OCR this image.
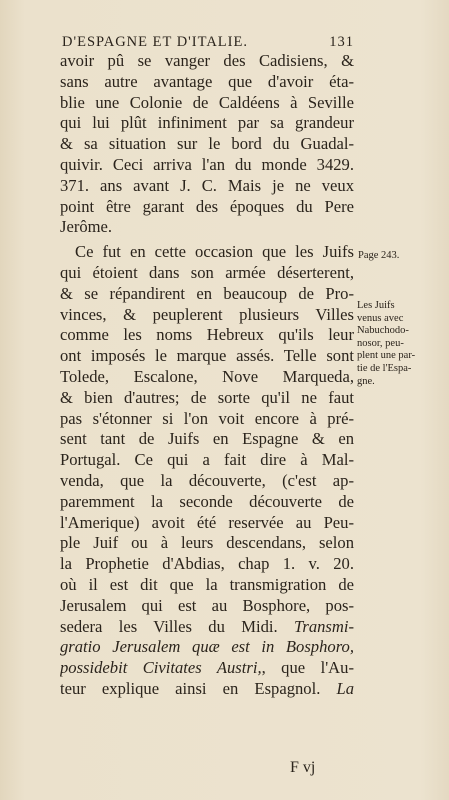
D'ESPAGNE ET D'ITALIE.	131
avoir pû se vanger des Cadisiens, &
sans autre avantage que d'avoir éta-
blie une Colonie de Caldéens à Seville
qui lui plût infiniment par sa grandeur
& sa situation sur le bord du Guadal-
quivir. Ceci arriva l'an du monde 3429.
371. ans avant J. C. Mais je ne veux
point être garant des époques du Pere
Jerôme.
Ce fut en cette occasion que les Juifs
qui étoient dans son armée déserterent,
& se répandirent en beaucoup de Pro-
vinces, & peuplerent plusieurs Villes
comme les noms Hebreux qu'ils leur
ont imposés le marque assés. Telle sont
Tolede, Escalone, Nove Marqueda,
& bien d'autres; de sorte qu'il ne faut
pas s'étonner si l'on voit encore à pré-
sent tant de Juifs en Espagne & en
Portugal. Ce qui a fait dire à Mal-
venda, que la découverte, (c'est ap-
paremment la seconde découverte de
l'Amerique) avoit été reservée au Peu-
ple Juif ou à leurs descendans, selon
la Prophetie d'Abdias, chap 1. v. 20.
où il est dit que la transmigration de
Jerusalem qui est au Bosphore, pos-
sedera les Villes du Midi. Transmi-
gratio Jerusalem quæ est in Bosphoro,
possidebit Civitates Austri,, que l'Au-
teur explique ainsi en Espagnol. La
Page 243.
Les Juifs
venus avec
Nabuchodo-
nosor, peu-
plent une par-
tie de l'Espa-
gne.
F vj
